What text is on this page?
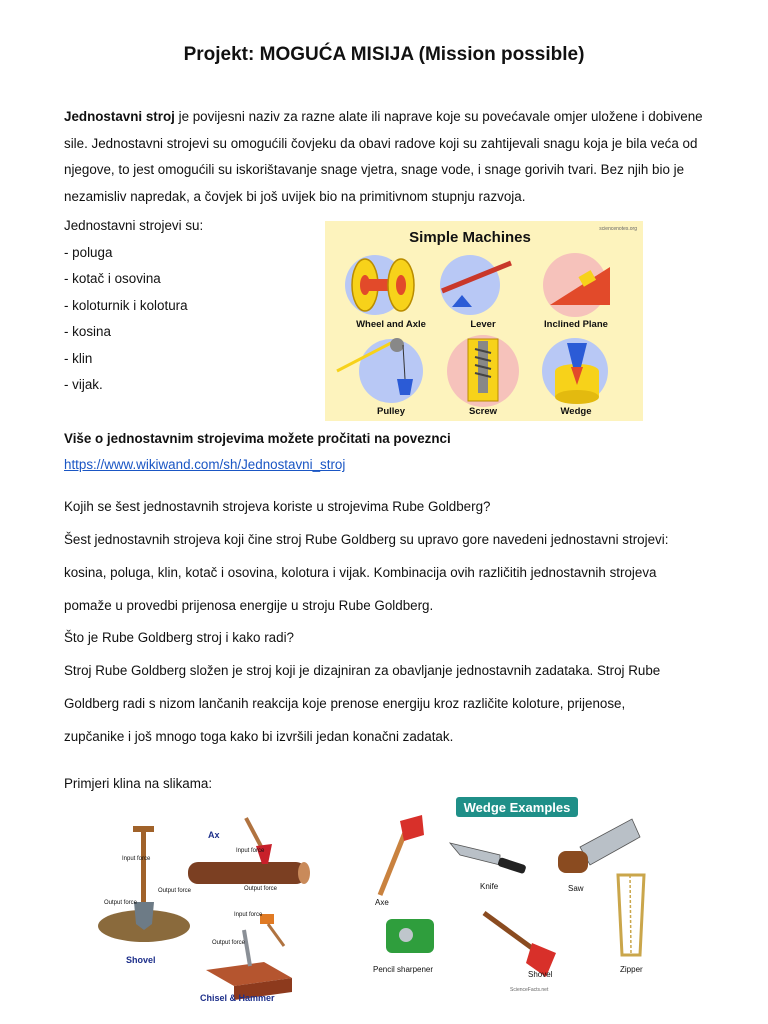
Projekt: MOGUĆA MISIJA (Mission possible)
Jednostavni stroj je povijesni naziv za razne alate ili naprave koje su povećavale omjer uložene i dobivene sile. Jednostavni strojevi su omogućili čovjeku da obavi radove koji su zahtijevali snagu koja je bila veća od njegove, to jest omogućili su iskorištavanje snage vjetra, snage vode, i snage gorivih tvari. Bez njih bio je nezamisliv napredak, a čovjek bi još uvijek bio na primitivnom stupnju razvoja.
Jednostavni strojevi su:
- poluga
- kotač i osovina
- koloturnik i kolotura
- kosina
- klin
- vijak.
Simple Machines	sciencenotes.org
Wheel and Axle	Lever	Inclined Plane
Pulley	Screw	Wedge
Više o jednostavnim strojevima možete pročitati na poveznci
https://www.wikiwand.com/sh/Jednostavni_stroj
Kojih se šest jednostavnih strojeva koriste u strojevima Rube Goldberg?
Šest jednostavnih strojeva koji čine stroj Rube Goldberg su upravo gore navedeni jednostavni strojevi:
kosina, poluga, klin, kotač i osovina, kolotura i vijak. Kombinacija ovih različitih jednostavnih strojeva
pomaže u provedbi prijenosa energije u stroju Rube Goldberg.
Što je Rube Goldberg stroj i kako radi?
Stroj Rube Goldberg složen je stroj koji je dizajniran za obavljanje jednostavnih zadataka. Stroj Rube
Goldberg radi s nizom lančanih reakcija koje prenose energiju kroz različite koloture, prijenose,
zupčanike i još mnogo toga kako bi izvršili jedan konačni zadatak.
Primjeri klina na slikama:
Input force
Output force
Output force
Shovel
Ax
Input force
Output force
Input force
Output force
Chisel & Hammer
Wedge Examples
Axe
Knife	Saw
Pencil sharpener
Shovel
Zipper
ScienceFacts.net
